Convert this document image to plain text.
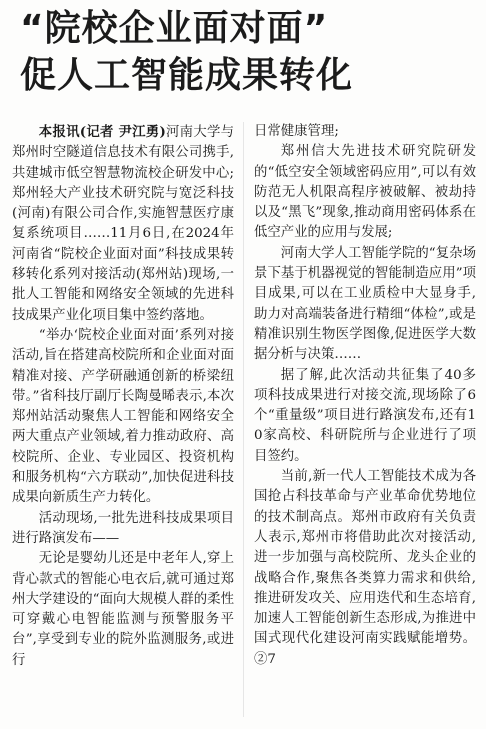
“院校企业面对面”
促人工智能成果转化

本报讯(记者 尹江勇)河南大学与郑州时空隧道信息技术有限公司携手,共建城市低空智慧物流校企研发中心;郑州轻大产业技术研究院与宽泛科技(河南)有限公司合作,实施智慧医疗康复系统项目……11月6日,在2024年河南省“院校企业面对面”科技成果转移转化系列对接活动(郑州站)现场,一批人工智能和网络安全领域的先进科技成果产业化项目集中签约落地。

“举办‘院校企业面对面’系列对接活动,旨在搭建高校院所和企业面对面精准对接、产学研融通创新的桥梁纽带。”省科技厅副厅长陶曼晞表示,本次郑州站活动聚焦人工智能和网络安全两大重点产业领域,着力推动政府、高校院所、企业、专业园区、投资机构和服务机构“六方联动”,加快促进科技成果向新质生产力转化。

活动现场,一批先进科技成果项目进行路演发布——

无论是婴幼儿还是中老年人,穿上背心款式的智能心电衣后,就可通过郑州大学建设的“面向大规模人群的柔性可穿戴心电智能监测与预警服务平台”,享受到专业的院外监测服务,或进行

日常健康管理;

郑州信大先进技术研究院研发的“低空安全领域密码应用”,可以有效防范无人机限高程序被破解、被劫持以及“黑飞”现象,推动商用密码体系在低空产业的应用与发展;

河南大学人工智能学院的“复杂场景下基于机器视觉的智能制造应用”项目成果,可以在工业质检中大显身手,助力对高端装备进行精细“体检”,或是精准识别生物医学图像,促进医学大数据分析与决策……

据了解,此次活动共征集了40多项科技成果进行对接交流,现场除了6个“重量级”项目进行路演发布,还有10家高校、科研院所与企业进行了项目签约。

当前,新一代人工智能技术成为各国抢占科技革命与产业革命优势地位的技术制高点。郑州市政府有关负责人表示,郑州市将借助此次对接活动,进一步加强与高校院所、龙头企业的战略合作,聚焦各类算力需求和供给,推进研发攻关、应用迭代和生态培育,加速人工智能创新生态形成,为推进中国式现代化建设河南实践赋能增势。②7
